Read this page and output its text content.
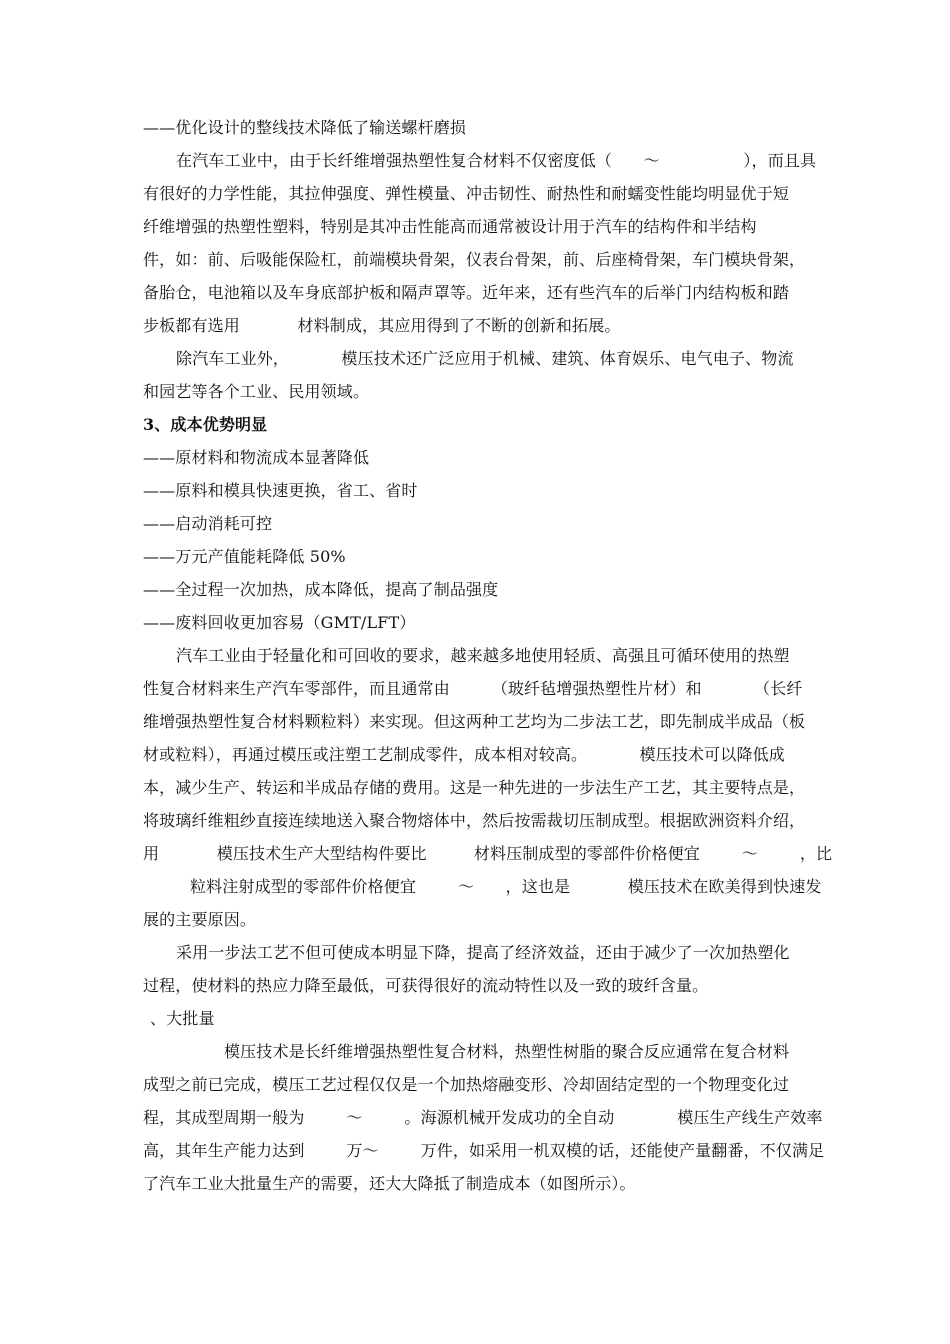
——优化设计的整线技术降低了输送螺杆磨损
在汽车工业中，由于长纤维增强热塑性复合材料不仅密度低（      ～                ），而且具
有很好的力学性能，其拉伸强度、弹性模量、冲击韧性、耐热性和耐蠕变性能均明显优于短
纤维增强的热塑性塑料，特别是其冲击性能高而通常被设计用于汽车的结构件和半结构
件，如：前、后吸能保险杠，前端模块骨架，仪表台骨架，前、后座椅骨架，车门模块骨架，
备胎仓，电池箱以及车身底部护板和隔声罩等。近年来，还有些汽车的后举门内结构板和踏
步板都有选用           材料制成，其应用得到了不断的创新和拓展。
除汽车工业外，          模压技术还广泛应用于机械、建筑、体育娱乐、电气电子、物流
和园艺等各个工业、民用领域。
3、成本优势明显
——原材料和物流成本显著降低
——原料和模具快速更换，省工、省时
——启动消耗可控
——万元产值能耗降低 50%
——全过程一次加热，成本降低，提高了制品强度
——废料回收更加容易（GMT/LFT）
汽车工业由于轻量化和可回收的要求，越来越多地使用轻质、高强且可循环使用的热塑
性复合材料来生产汽车零部件，而且通常由        （玻纤毡增强热塑性片材）和          （长纤
维增强热塑性复合材料颗粒料）来实现。但这两种工艺均为二步法工艺，即先制成半成品（板
材或粒料），再通过模压或注塑工艺制成零件，成本相对较高。          模压技术可以降低成
本，减少生产、转运和半成品存储的费用。这是一种先进的一步法生产工艺，其主要特点是，
将玻璃纤维粗纱直接连续地送入聚合物熔体中，然后按需裁切压制成型。根据欧洲资料介绍，
用           模压技术生产大型结构件要比         材料压制成型的零部件价格便宜        ～        ，比
粒料注射成型的零部件价格便宜        ～      ，这也是           模压技术在欧美得到快速发
展的主要原因。
采用一步法工艺不但可使成本明显下降，提高了经济效益，还由于减少了一次加热塑化
过程，使材料的热应力降至最低，可获得很好的流动特性以及一致的玻纤含量。
、大批量
模压技术是长纤维增强热塑性复合材料，热塑性树脂的聚合反应通常在复合材料
成型之前已完成，模压工艺过程仅仅是一个加热熔融变形、冷却固结定型的一个物理变化过
程，其成型周期一般为        ～        。海源机械开发成功的全自动            模压生产线生产效率
高，其年生产能力达到        万～        万件，如采用一机双模的话，还能使产量翻番，不仅满足
了汽车工业大批量生产的需要，还大大降抵了制造成本（如图所示）。
